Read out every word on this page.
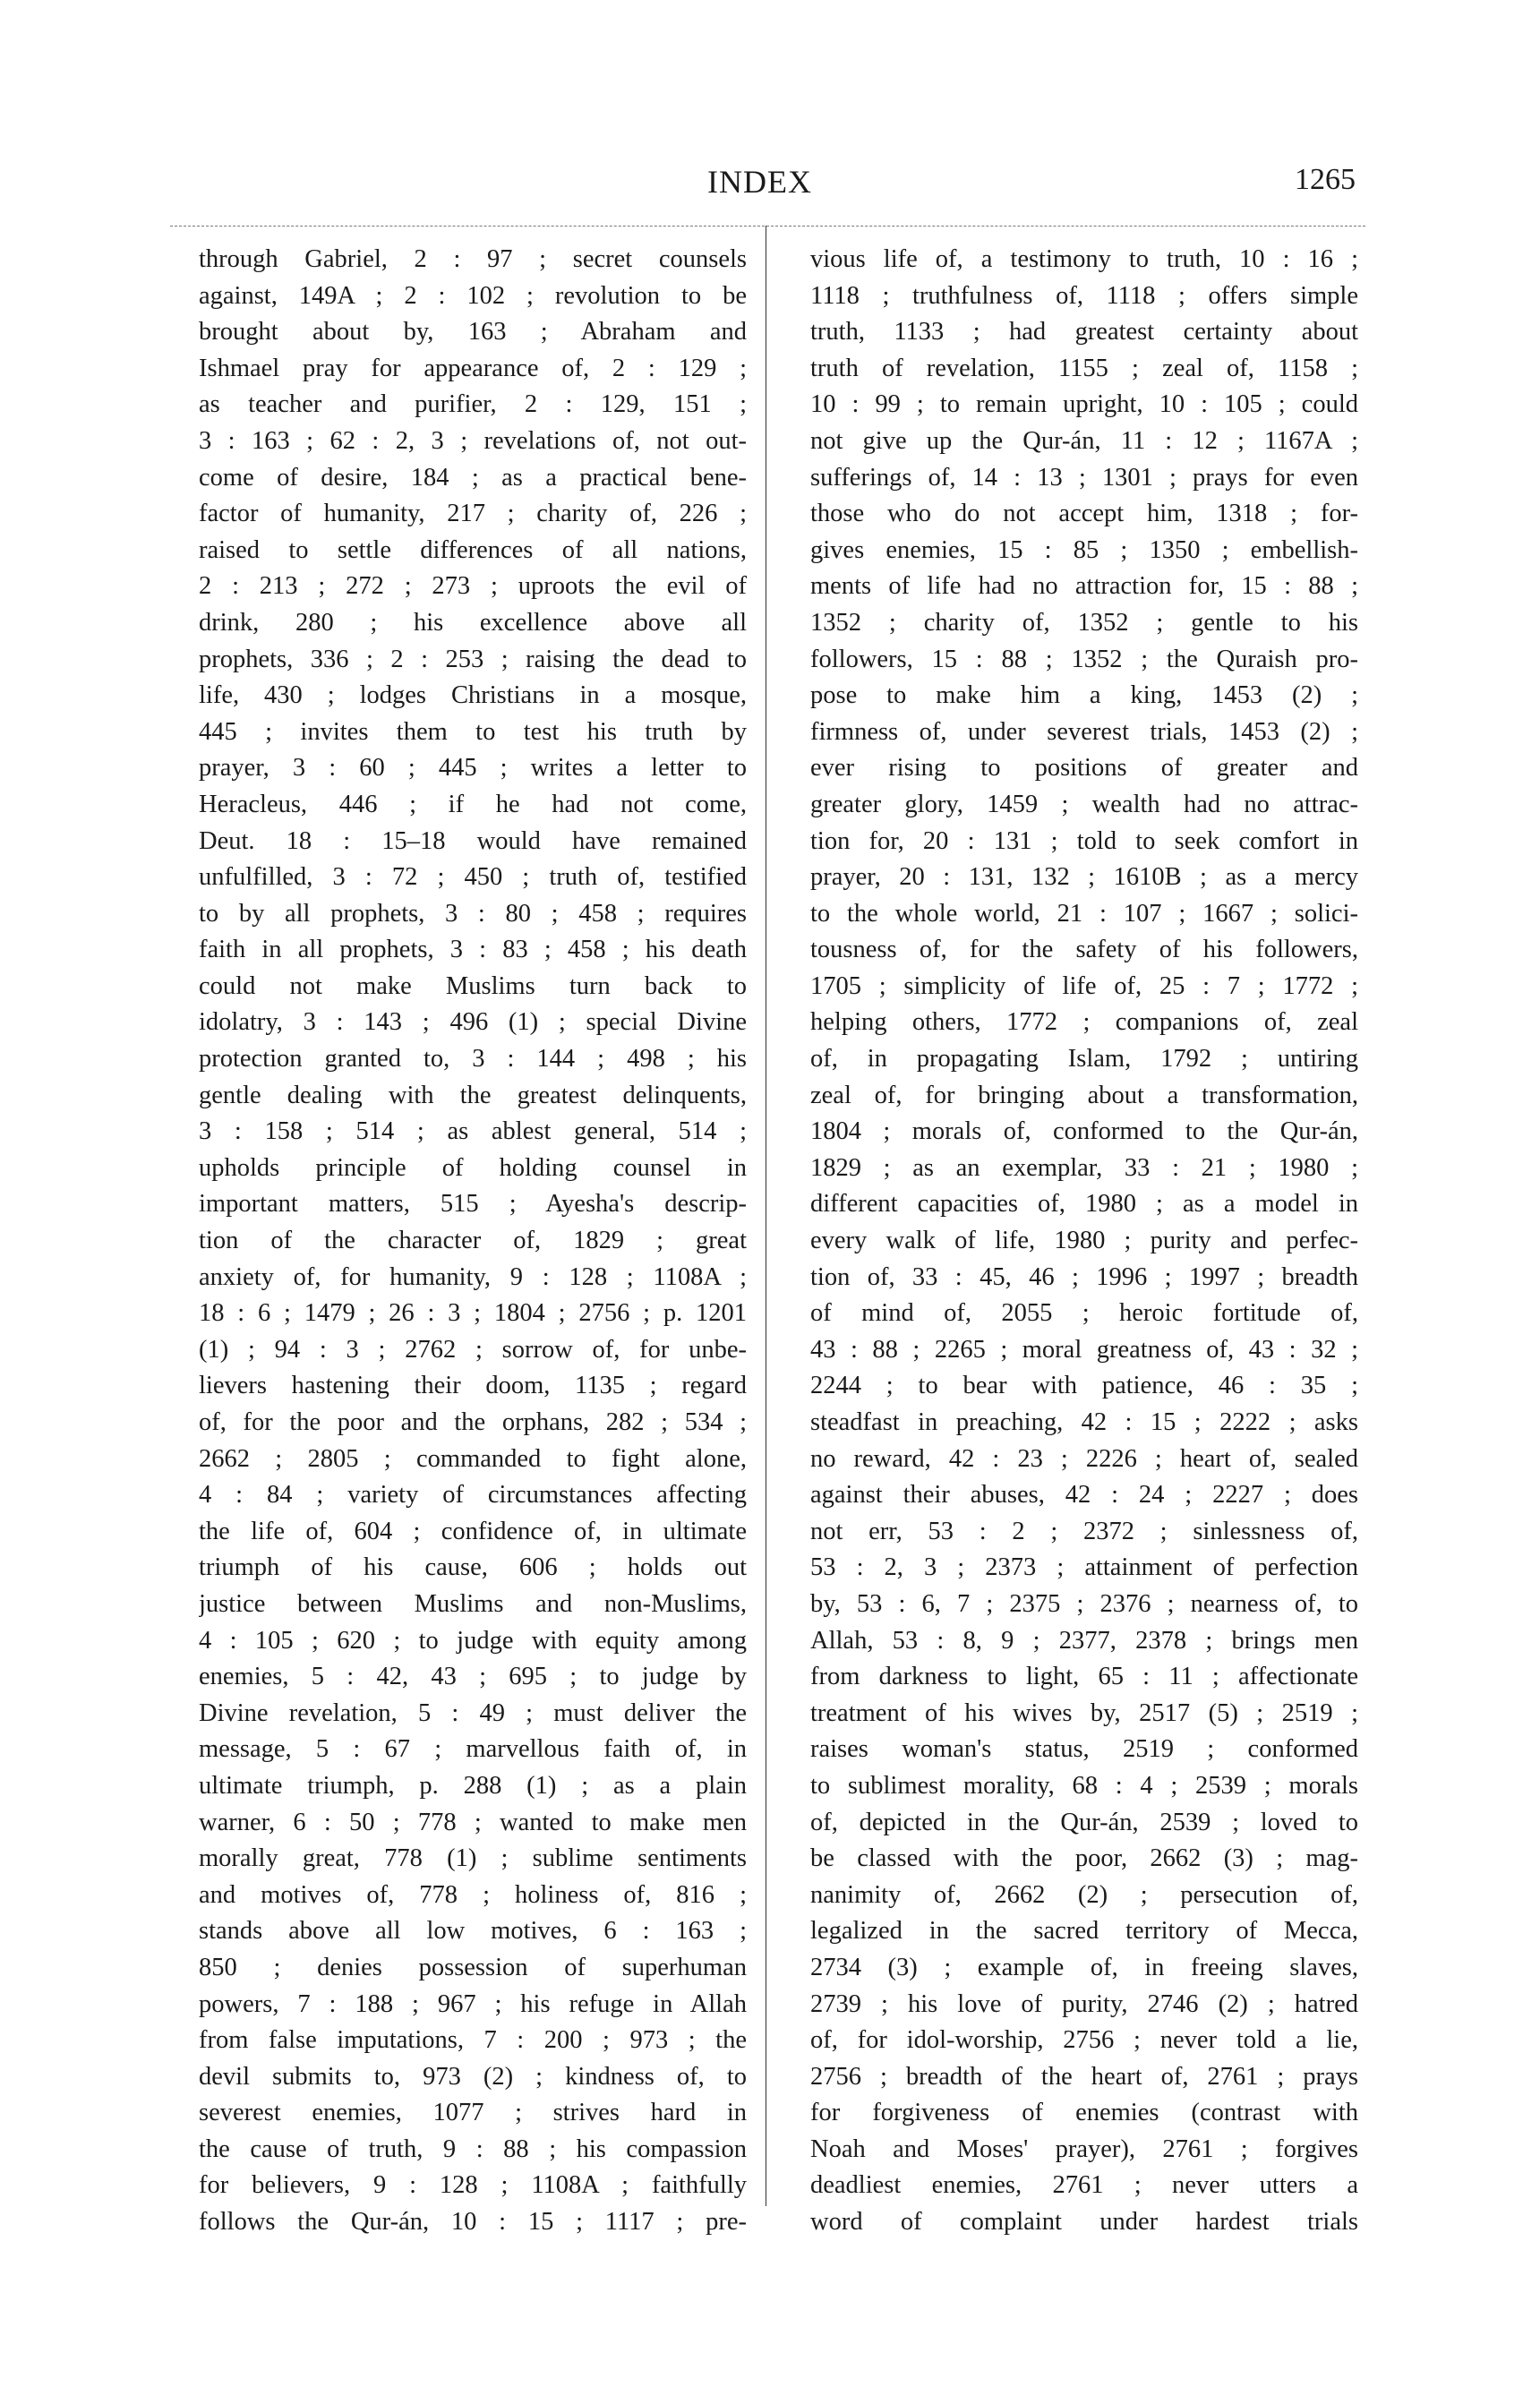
INDEX	1265
through Gabriel, 2 : 97 ; secret counsels
against, 149A ; 2 : 102 ; revolution to be
brought about by, 163 ; Abraham and
Ishmael pray for appearance of, 2 : 129 ;
as teacher and purifier, 2 : 129, 151 ;
3 : 163 ; 62 : 2, 3 ; revelations of, not out-
come of desire, 184 ; as a practical bene-
factor of humanity, 217 ; charity of, 226 ;
raised to settle differences of all nations,
2 : 213 ; 272 ; 273 ; uproots the evil of
drink, 280 ; his excellence above all
prophets, 336 ; 2 : 253 ; raising the dead to
life, 430 ; lodges Christians in a mosque,
445 ; invites them to test his truth by
prayer, 3 : 60 ; 445 ; writes a letter to
Heracleus, 446 ; if he had not come,
Deut. 18 : 15–18 would have remained
unfulfilled, 3 : 72 ; 450 ; truth of, testified
to by all prophets, 3 : 80 ; 458 ; requires
faith in all prophets, 3 : 83 ; 458 ; his death
could not make Muslims turn back to
idolatry, 3 : 143 ; 496 (1) ; special Divine
protection granted to, 3 : 144 ; 498 ; his
gentle dealing with the greatest delinquents,
3 : 158 ; 514 ; as ablest general, 514 ;
upholds principle of holding counsel in
important matters, 515 ; Ayesha's descrip-
tion of the character of, 1829 ; great
anxiety of, for humanity, 9 : 128 ; 1108A ;
18 : 6 ; 1479 ; 26 : 3 ; 1804 ; 2756 ; p. 1201
(1) ; 94 : 3 ; 2762 ; sorrow of, for unbe-
lievers hastening their doom, 1135 ; regard
of, for the poor and the orphans, 282 ; 534 ;
2662 ; 2805 ; commanded to fight alone,
4 : 84 ; variety of circumstances affecting
the life of, 604 ; confidence of, in ultimate
triumph of his cause, 606 ; holds out
justice between Muslims and non-Muslims,
4 : 105 ; 620 ; to judge with equity among
enemies, 5 : 42, 43 ; 695 ; to judge by
Divine revelation, 5 : 49 ; must deliver the
message, 5 : 67 ; marvellous faith of, in
ultimate triumph, p. 288 (1) ; as a plain
warner, 6 : 50 ; 778 ; wanted to make men
morally great, 778 (1) ; sublime sentiments
and motives of, 778 ; holiness of, 816 ;
stands above all low motives, 6 : 163 ;
850 ; denies possession of superhuman
powers, 7 : 188 ; 967 ; his refuge in Allah
from false imputations, 7 : 200 ; 973 ; the
devil submits to, 973 (2) ; kindness of, to
severest enemies, 1077 ; strives hard in
the cause of truth, 9 : 88 ; his compassion
for believers, 9 : 128 ; 1108A ; faithfully
follows the Qur-án, 10 : 15 ; 1117 ; pre-
vious life of, a testimony to truth, 10 : 16 ;
1118 ; truthfulness of, 1118 ; offers simple
truth, 1133 ; had greatest certainty about
truth of revelation, 1155 ; zeal of, 1158 ;
10 : 99 ; to remain upright, 10 : 105 ; could
not give up the Qur-án, 11 : 12 ; 1167A ;
sufferings of, 14 : 13 ; 1301 ; prays for even
those who do not accept him, 1318 ; for-
gives enemies, 15 : 85 ; 1350 ; embellish-
ments of life had no attraction for, 15 : 88 ;
1352 ; charity of, 1352 ; gentle to his
followers, 15 : 88 ; 1352 ; the Quraish pro-
pose to make him a king, 1453 (2) ;
firmness of, under severest trials, 1453 (2) ;
ever rising to positions of greater and
greater glory, 1459 ; wealth had no attrac-
tion for, 20 : 131 ; told to seek comfort in
prayer, 20 : 131, 132 ; 1610B ; as a mercy
to the whole world, 21 : 107 ; 1667 ; solici-
tousness of, for the safety of his followers,
1705 ; simplicity of life of, 25 : 7 ; 1772 ;
helping others, 1772 ; companions of, zeal
of, in propagating Islam, 1792 ; untiring
zeal of, for bringing about a transformation,
1804 ; morals of, conformed to the Qur-án,
1829 ; as an exemplar, 33 : 21 ; 1980 ;
different capacities of, 1980 ; as a model in
every walk of life, 1980 ; purity and perfec-
tion of, 33 : 45, 46 ; 1996 ; 1997 ; breadth
of mind of, 2055 ; heroic fortitude of,
43 : 88 ; 2265 ; moral greatness of, 43 : 32 ;
2244 ; to bear with patience, 46 : 35 ;
steadfast in preaching, 42 : 15 ; 2222 ; asks
no reward, 42 : 23 ; 2226 ; heart of, sealed
against their abuses, 42 : 24 ; 2227 ; does
not err, 53 : 2 ; 2372 ; sinlessness of,
53 : 2, 3 ; 2373 ; attainment of perfection
by, 53 : 6, 7 ; 2375 ; 2376 ; nearness of, to
Allah, 53 : 8, 9 ; 2377, 2378 ; brings men
from darkness to light, 65 : 11 ; affectionate
treatment of his wives by, 2517 (5) ; 2519 ;
raises woman's status, 2519 ; conformed
to sublimest morality, 68 : 4 ; 2539 ; morals
of, depicted in the Qur-án, 2539 ; loved to
be classed with the poor, 2662 (3) ; mag-
nanimity of, 2662 (2) ; persecution of,
legalized in the sacred territory of Mecca,
2734 (3) ; example of, in freeing slaves,
2739 ; his love of purity, 2746 (2) ; hatred
of, for idol-worship, 2756 ; never told a lie,
2756 ; breadth of the heart of, 2761 ; prays
for forgiveness of enemies (contrast with
Noah and Moses' prayer), 2761 ; forgives
deadliest enemies, 2761 ; never utters a
word of complaint under hardest trials
